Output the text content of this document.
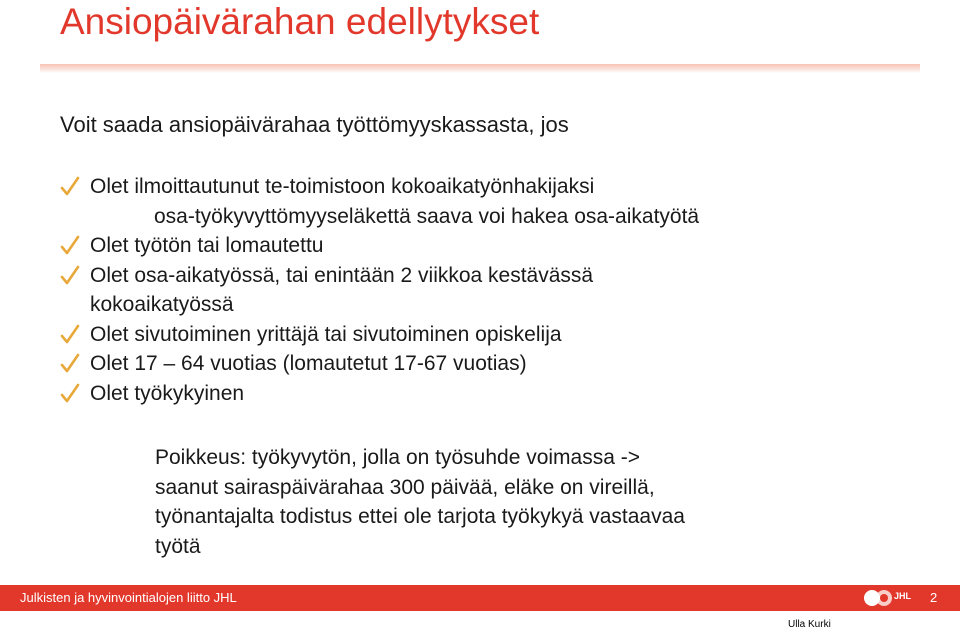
Ansiopäivärahan edellytykset
Voit saada ansiopäivärahaa työttömyyskassasta, jos
Olet ilmoittautunut te-toimistoon kokoaikatyönhakijaksi
osa-työkyvyttömyyseläkettä saava voi hakea osa-aikatyötä
Olet työtön tai lomautettu
Olet osa-aikatyössä, tai enintään 2 viikkoa kestävässä
kokoaikatyössä
Olet sivutoiminen yrittäjä tai sivutoiminen opiskelija
Olet 17 – 64 vuotias (lomautetut 17-67 vuotias)
Olet työkykyinen
Poikkeus: työkyvytön, jolla on työsuhde voimassa ->
saanut sairaspäivärahaa 300 päivää, eläke on vireillä,
työnantajalta todistus ettei ole tarjota työkykyä vastaavaa
työtä
Julkisten ja hyvinvointialojen liitto JHL	JHL 2
Ulla Kurki
